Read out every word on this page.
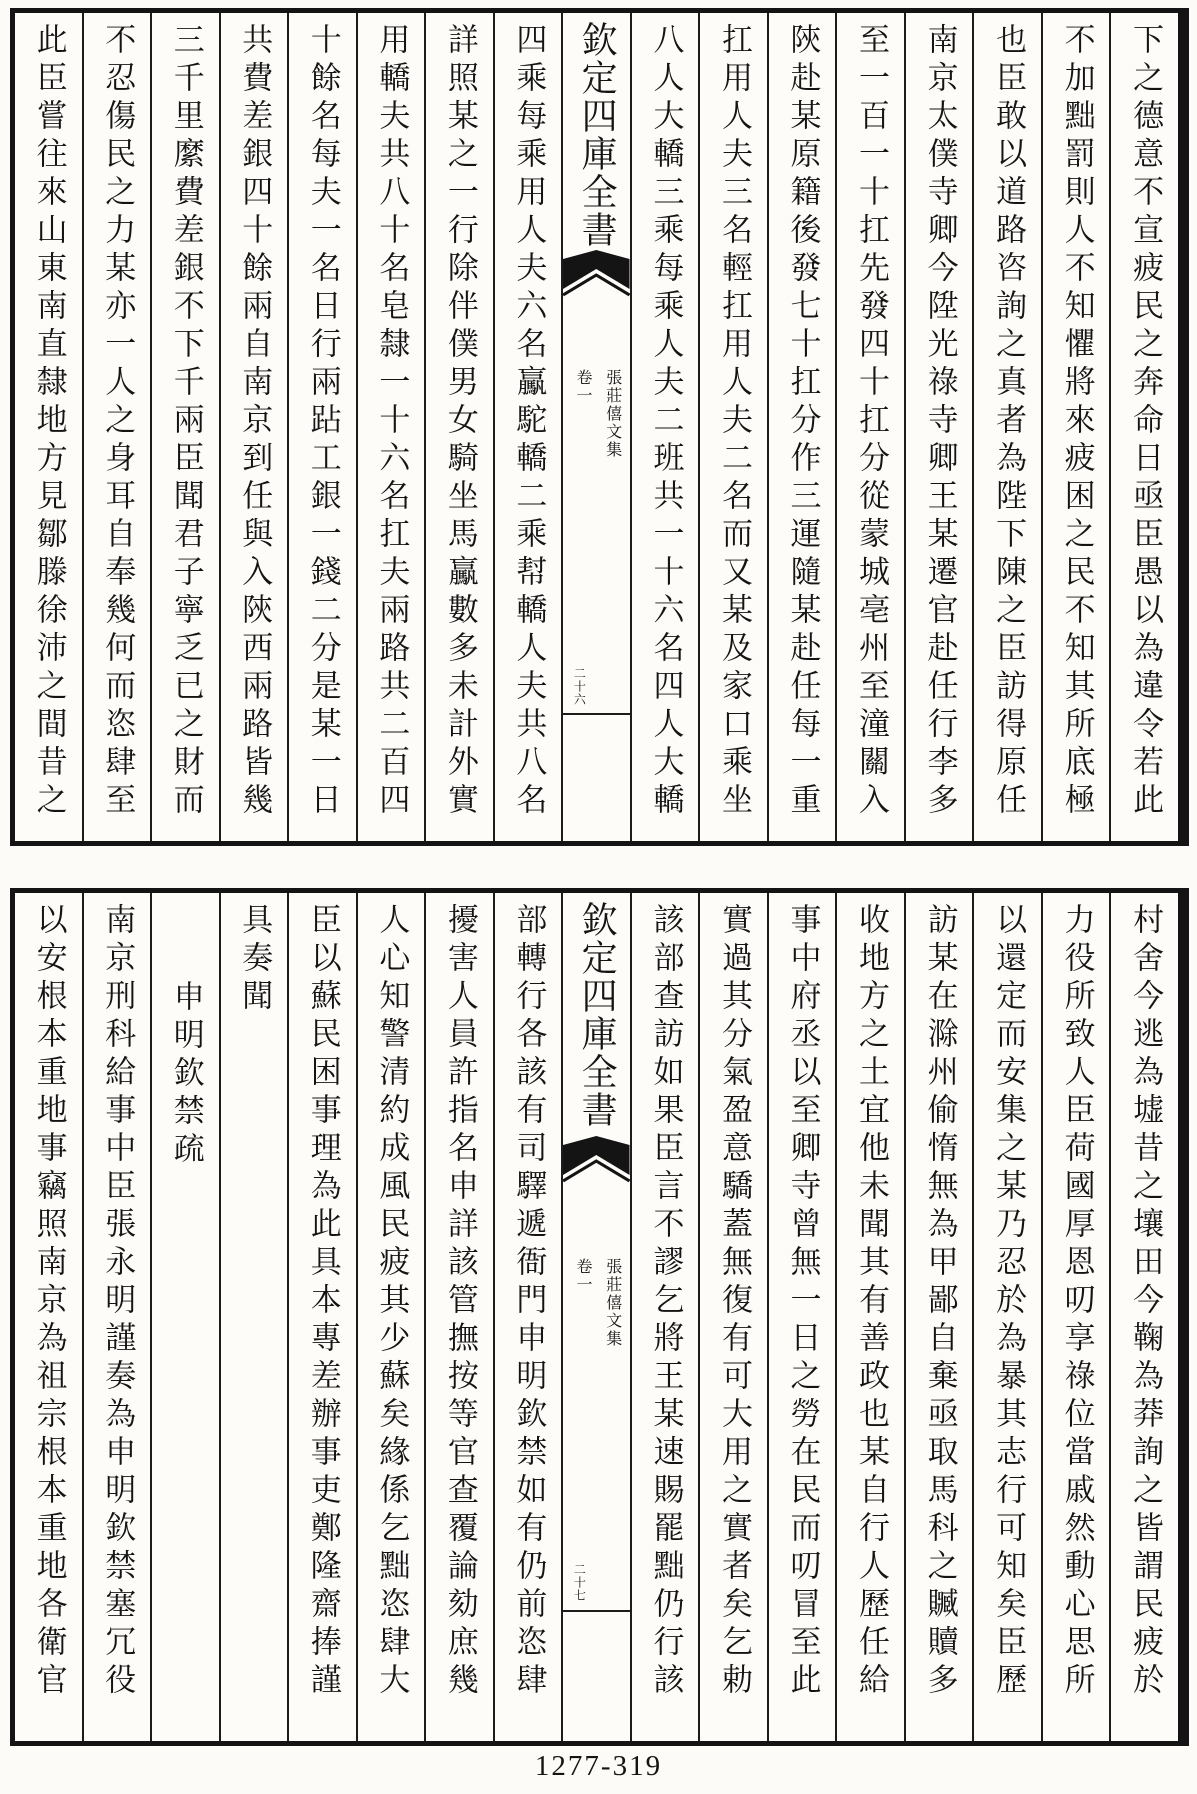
下之德意不宣疲民之奔命日亟臣愚以為違令若此
不加黜罰則人不知懼將來疲困之民不知其所底極
也臣敢以道路咨詢之真者為陛下陳之臣訪得原任
南京太僕寺卿今陞光祿寺卿王某遷官赴任行李多
至一百一十扛先發四十扛分從蒙城亳州至潼關入
陝赴某原籍後發七十扛分作三運隨某赴任每一重
扛用人夫三名輕扛用人夫二名而又某及家口乘坐
八人大轎三乘每乘人夫二班共一十六名四人大轎
欽定四庫全書
張莊僖文集
卷一
二十六
四乘每乘用人夫六名驘駝轎二乘幇轎人夫共八名
詳照某之一行除伴僕男女騎坐馬驘數多未計外實
用轎夫共八十名皂隸一十六名扛夫兩路共二百四
十餘名每夫一名日行兩跕工銀一錢二分是某一日
共費差銀四十餘兩自南京到任與入陝西兩路皆幾
三千里縻費差銀不下千兩臣聞君子寧乏已之財而
不忍傷民之力某亦一人之身耳自奉幾何而恣肆至
此臣嘗往來山東南直隸地方見鄒滕徐沛之間昔之
村舍今逃為墟昔之壤田今鞠為莽詢之皆謂民疲於
力役所致人臣荷國厚恩叨享祿位當戚然動心思所
以還定而安集之某乃忍於為暴其志行可知矣臣歷
訪某在滁州偷惰無為甲鄙自棄亟取馬科之贓贖多
收地方之土宜他未聞其有善政也某自行人歷任給
事中府丞以至卿寺曾無一日之勞在民而叨冒至此
實過其分氣盈意驕蓋無復有可大用之實者矣乞勅
該部查訪如果臣言不謬乞將王某速賜罷黜仍行該
欽定四庫全書
張莊僖文集
卷一
二十七
部轉行各該有司驛遞衙門申明欽禁如有仍前恣肆
擾害人員許指名申詳該管撫按等官查覆論劾庶幾
人心知警清約成風民疲其少蘇矣緣係乞黜恣肆大
臣以蘇民困事理為此具本專差辦事吏鄭隆齋捧謹
具奏聞
申明欽禁疏
南京刑科給事中臣張永明謹奏為申明欽禁塞冗役
以安根本重地事竊照南京為祖宗根本重地各衛官
1277-319
